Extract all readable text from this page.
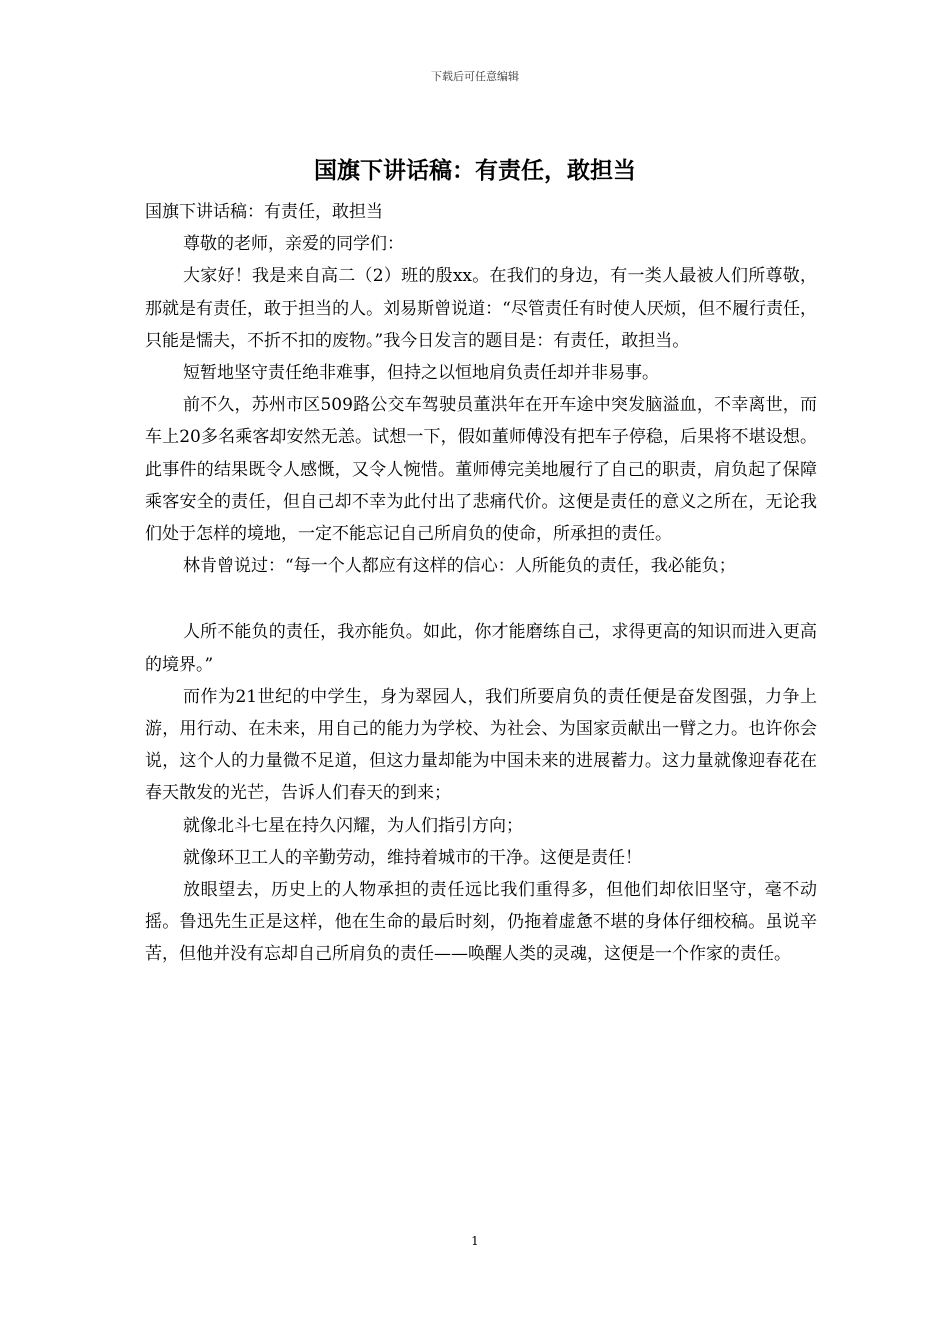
下载后可任意编辑
国旗下讲话稿：有责任，敢担当

国旗下讲话稿：有责任，敢担当

尊敬的老师，亲爱的同学们：

大家好！我是来自高二（2）班的殷xx。在我们的身边，有一类人最被人们所尊敬，那就是有责任，敢于担当的人。刘易斯曾说道：“尽管责任有时使人厌烦，但不履行责任，只能是懦夫，不折不扣的废物。”我今日发言的题目是：有责任，敢担当。

短暂地坚守责任绝非难事，但持之以恒地肩负责任却并非易事。

前不久，苏州市区509路公交车驾驶员董洪年在开车途中突发脑溢血，不幸离世，而车上20多名乘客却安然无恙。试想一下，假如董师傅没有把车子停稳，后果将不堪设想。此事件的结果既令人感慨，又令人惋惜。董师傅完美地履行了自己的职责，肩负起了保障乘客安全的责任，但自己却不幸为此付出了悲痛代价。这便是责任的意义之所在，无论我们处于怎样的境地，一定不能忘记自己所肩负的使命，所承担的责任。

林肯曾说过：“每一个人都应有这样的信心：人所能负的责任，我必能负；

人所不能负的责任，我亦能负。如此，你才能磨练自己，求得更高的知识而进入更高的境界。”

而作为21世纪的中学生，身为翠园人，我们所要肩负的责任便是奋发图强，力争上游，用行动、在未来，用自己的能力为学校、为社会、为国家贡献出一臂之力。也许你会说，这个人的力量微不足道，但这力量却能为中国未来的进展蓄力。这力量就像迎春花在春天散发的光芒，告诉人们春天的到来；

就像北斗七星在持久闪耀，为人们指引方向；

就像环卫工人的辛勤劳动，维持着城市的干净。这便是责任！

放眼望去，历史上的人物承担的责任远比我们重得多，但他们却依旧坚守，毫不动摇。鲁迅先生正是这样，他在生命的最后时刻，仍拖着虚惫不堪的身体仔细校稿。虽说辛苦，但他并没有忘却自己所肩负的责任——唤醒人类的灵魂，这便是一个作家的责任。

1
